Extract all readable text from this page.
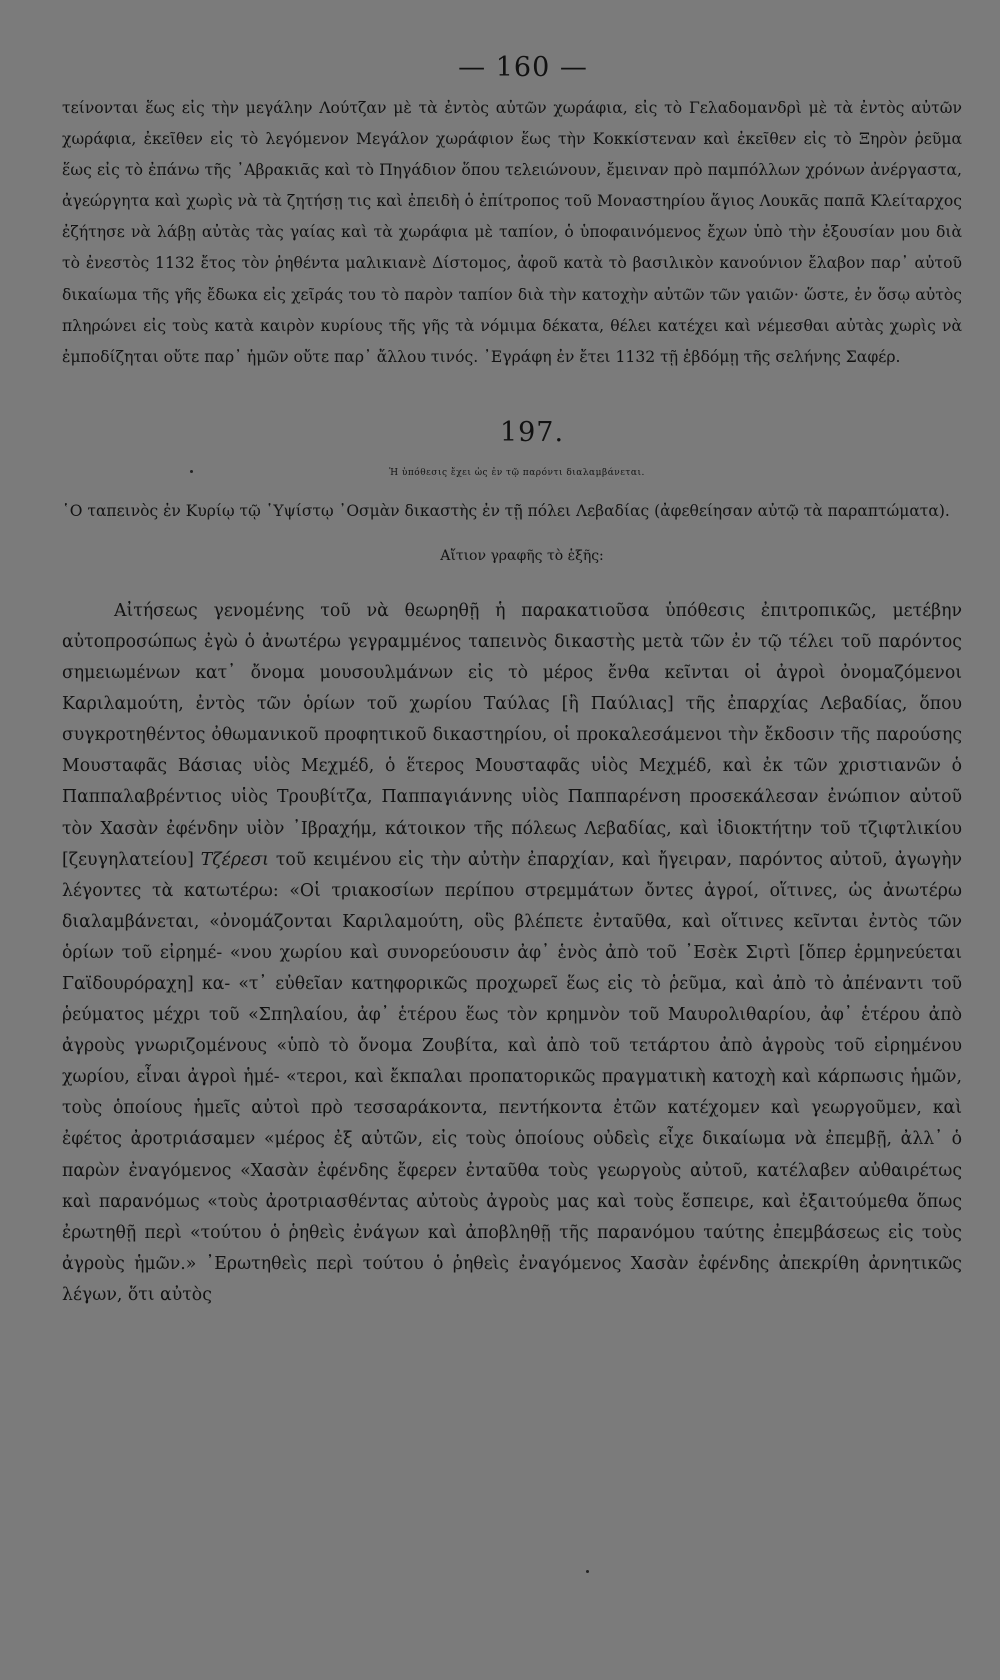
— 160 —

τείνονται ἕως εἰς τὴν μεγάλην Λούτζαν μὲ τὰ ἐντὸς αὐτῶν χωράφια, εἰς τὸ Γελαδομανδρὶ μὲ τὰ ἐντὸς αὐτῶν χωράφια, ἐκεῖθεν εἰς τὸ λεγόμενον Μεγάλον χωράφιον ἕως τὴν Κοκκίστεναν καὶ ἐκεῖθεν εἰς τὸ Ξηρὸν ῥεῦμα ἕως εἰς τὸ ἐπάνω τῆς ᾿Αβρακιᾶς καὶ τὸ Πηγάδιον ὅπου τελειώνουν, ἔμειναν πρὸ παμπόλλων χρόνων ἀνέργαστα, ἀγεώργητα καὶ χωρὶς νὰ τὰ ζητήσῃ τις καὶ ἐπειδὴ ὁ ἐπίτροπος τοῦ Μοναστηρίου ἅγιος Λουκᾶς παπᾶ Κλείταρχος ἐζήτησε νὰ λάβῃ αὐτὰς τὰς γαίας καὶ τὰ χωράφια μὲ ταπίον, ὁ ὑποφαινόμενος ἔχων ὑπὸ τὴν ἐξουσίαν μου διὰ τὸ ἐνεστὸς 1132 ἔτος τὸν ῥηθέντα μαλικιανὲ Δίστομος, ἀφοῦ κατὰ τὸ βασιλικὸν κανούνιον ἔλαβον παρ᾿ αὐτοῦ δικαίωμα τῆς γῆς ἔδωκα εἰς χεῖράς του τὸ παρὸν ταπίον διὰ τὴν κατοχὴν αὐτῶν τῶν γαιῶν· ὥστε, ἐν ὅσῳ αὐτὸς πληρώνει εἰς τοὺς κατὰ καιρὸν κυρίους τῆς γῆς τὰ νόμιμα δέκατα, θέλει κατέχει καὶ νέμεσθαι αὐτὰς χωρὶς νὰ ἐμποδίζηται οὔτε παρ᾿ ἡμῶν οὔτε παρ᾿ ἄλλου τινός. ᾿Εγράφη ἐν ἔτει 1132 τῇ ἑβδόμῃ τῆς σελήνης Σαφέρ.

197.
Ἡ ὑπόθεσις ἔχει ὡς ἐν τῷ παρόντι διαλαμβάνεται.
῾Ο ταπεινὸς ἐν Κυρίῳ τῷ ῾Υψίστῳ ᾿Οσμὰν δικαστὴς ἐν τῇ πόλει Λεβαδίας (ἀφεθείησαν αὐτῷ τὰ παραπτώματα).
Αἴτιον γραφῆς τὸ ἑξῆς:

Αἰτήσεως γενομένης τοῦ νὰ θεωρηθῇ ἡ παρακατιοῦσα ὑπόθεσις ἐπιτροπικῶς, μετέβην αὐτοπροσώπως ἐγὼ ὁ ἀνωτέρω γεγραμμένος ταπεινὸς δικαστὴς μετὰ τῶν ἐν τῷ τέλει τοῦ παρόντος σημειωμένων κατ᾿ ὄνομα μουσουλμάνων εἰς τὸ μέρος ἔνθα κεῖνται οἱ ἀγροὶ ὀνομαζόμενοι Καριλαμούτη, ἐντὸς τῶν ὁρίων τοῦ χωρίου Ταύλας [ἢ Παύλιας] τῆς ἐπαρχίας Λεβαδίας, ὅπου συγκροτηθέντος ὀθωμανικοῦ προφητικοῦ δικαστηρίου, οἱ προκαλεσάμενοι τὴν ἔκδοσιν τῆς παρούσης Μουσταφᾶς Βάσιας υἱὸς Μεχμέδ, ὁ ἕτερος Μουσταφᾶς υἱὸς Μεχμέδ, καὶ ἐκ τῶν χριστιανῶν ὁ Παππαλαβρέντιος υἱὸς Τρουβίτζα, Παππαγιάννης υἱὸς Παππαρένση προσεκάλεσαν ἐνώπιον αὐτοῦ τὸν Χασὰν ἐφένδην υἱὸν ᾿Ιβραχήμ, κάτοικον τῆς πόλεως Λεβαδίας, καὶ ἰδιοκτήτην τοῦ τζιφτλικίου [ζευγηλατείου] Τζέρεσι τοῦ κειμένου εἰς τὴν αὐτὴν ἐπαρχίαν, καὶ ἤγειραν, παρόντος αὐτοῦ, ἀγωγὴν λέγοντες τὰ κατωτέρω: «Οἱ τριακοσίων περίπου στρεμμάτων ὄντες ἀγροί, οἵτινες, ὡς ἀνωτέρω διαλαμβάνεται, «ὀνομάζονται Καριλαμούτη, οὓς βλέπετε ἐνταῦθα, καὶ οἵτινες κεῖνται ἐντὸς τῶν ὁρίων τοῦ εἰρημέ- «νου χωρίου καὶ συνορεύουσιν ἀφ᾿ ἑνὸς ἀπὸ τοῦ ᾿Εσὲκ Σιρτὶ [ὅπερ ἑρμηνεύεται Γαϊδουρόραχη] κα- «τ᾿ εὐθεῖαν κατηφορικῶς προχωρεῖ ἕως εἰς τὸ ῥεῦμα, καὶ ἀπὸ τὸ ἀπέναντι τοῦ ῥεύματος μέχρι τοῦ «Σπηλαίου, ἀφ᾿ ἑτέρου ἕως τὸν κρημνὸν τοῦ Μαυρολιθαρίου, ἀφ᾿ ἑτέρου ἀπὸ ἀγροὺς γνωριζομένους «ὑπὸ τὸ ὄνομα Ζουβίτα, καὶ ἀπὸ τοῦ τετάρτου ἀπὸ ἀγροὺς τοῦ εἰρημένου χωρίου, εἶναι ἀγροὶ ἡμέ- «τεροι, καὶ ἔκπαλαι προπατορικῶς πραγματικὴ κατοχὴ καὶ κάρπωσις ἡμῶν, τοὺς ὁποίους ἡμεῖς αὐτοὶ πρὸ τεσσαράκοντα, πεντήκοντα ἐτῶν κατέχομεν καὶ γεωργοῦμεν, καὶ ἐφέτος ἀροτριάσαμεν «μέρος ἐξ αὐτῶν, εἰς τοὺς ὁποίους οὐδεὶς εἶχε δικαίωμα νὰ ἐπεμβῇ, ἀλλ᾿ ὁ παρὼν ἐναγόμενος «Χασὰν ἐφένδης ἔφερεν ἐνταῦθα τοὺς γεωργοὺς αὐτοῦ, κατέλαβεν αὐθαιρέτως καὶ παρανόμως «τοὺς ἀροτριασθέντας αὐτοὺς ἀγροὺς μας καὶ τοὺς ἔσπειρε, καὶ ἐξαιτούμεθα ὅπως ἐρωτηθῇ περὶ «τούτου ὁ ῥηθεὶς ἐνάγων καὶ ἀποβληθῇ τῆς παρανόμου ταύτης ἐπεμβάσεως εἰς τοὺς ἀγροὺς ἡμῶν.» ᾿Ερωτηθεὶς περὶ τούτου ὁ ῥηθεὶς ἐναγόμενος Χασὰν ἐφένδης ἀπεκρίθη ἀρνητικῶς λέγων, ὅτι αὐτὸς
